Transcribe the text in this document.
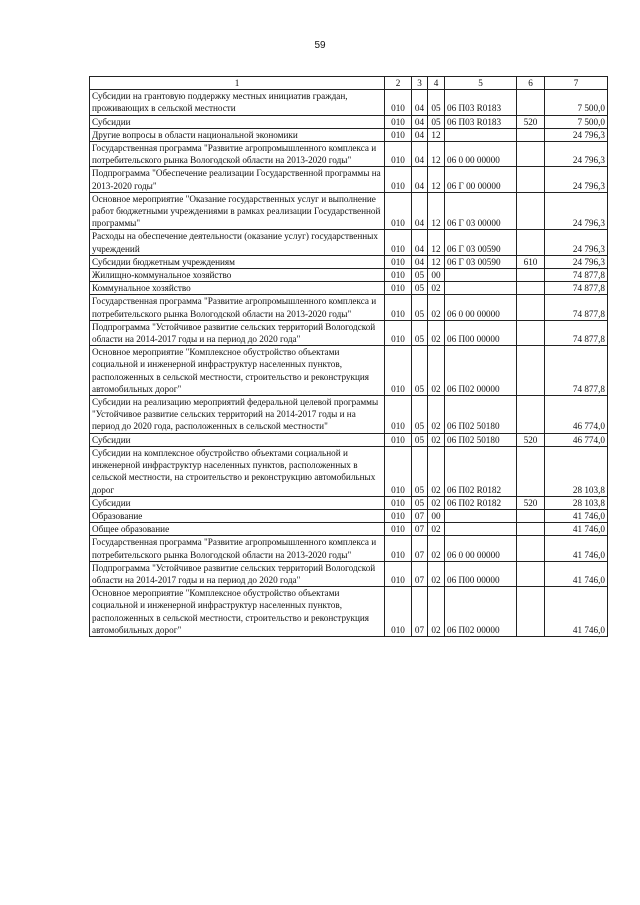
59
1	2	3	4	5	6	7
Субсидии на грантовую поддержку местных инициатив граждан, проживающих в сельской местности	010	04	05	06 П03 R0183		7 500,0
Субсидии	010	04	05	06 П03 R0183	520	7 500,0
Другие вопросы в области национальной экономики	010	04	12			24 796,3
Государственная программа "Развитие агропромышленного комплекса и потребительского рынка Вологодской области на 2013-2020 годы"	010	04	12	06 0 00 00000		24 796,3
Подпрограмма "Обеспечение реализации Государственной программы на 2013-2020 годы"	010	04	12	06 Г 00 00000		24 796,3
Основное мероприятие "Оказание государственных услуг и выполнение работ бюджетными учреждениями в рамках реализации Государственной программы"	010	04	12	06 Г 03 00000		24 796,3
Расходы на обеспечение деятельности (оказание услуг) государственных учреждений	010	04	12	06 Г 03 00590		24 796,3
Субсидии бюджетным учреждениям	010	04	12	06 Г 03 00590	610	24 796,3
Жилищно-коммунальное хозяйство	010	05	00			74 877,8
Коммунальное хозяйство	010	05	02			74 877,8
Государственная программа "Развитие агропромышленного комплекса и потребительского рынка Вологодской области на 2013-2020 годы"	010	05	02	06 0 00 00000		74 877,8
Подпрограмма "Устойчивое развитие сельских территорий Вологодской области на 2014-2017 годы и на период до 2020 года"	010	05	02	06 П00 00000		74 877,8
Основное мероприятие "Комплексное обустройство объектами социальной и инженерной инфраструктур населенных пунктов, расположенных в сельской местности, строительство и реконструкция автомобильных дорог"	010	05	02	06 П02 00000		74 877,8
Субсидии на реализацию мероприятий федеральной целевой программы "Устойчивое развитие сельских территорий на 2014-2017 годы и на период до 2020 года, расположенных в сельской местности"	010	05	02	06 П02 50180		46 774,0
Субсидии	010	05	02	06 П02 50180	520	46 774,0
Субсидии на комплексное обустройство объектами социальной и инженерной инфраструктур населенных пунктов, расположенных в сельской местности, на строительство и реконструкцию автомобильных дорог	010	05	02	06 П02 R0182		28 103,8
Субсидии	010	05	02	06 П02 R0182	520	28 103,8
Образование	010	07	00			41 746,0
Общее образование	010	07	02			41 746,0
Государственная программа "Развитие агропромышленного комплекса и потребительского рынка Вологодской области на 2013-2020 годы"	010	07	02	06 0 00 00000		41 746,0
Подпрограмма "Устойчивое развитие сельских территорий Вологодской области на 2014-2017 годы и на период до 2020 года"	010	07	02	06 П00 00000		41 746,0
Основное мероприятие "Комплексное обустройство объектами социальной и инженерной инфраструктур населенных пунктов, расположенных в сельской местности, строительство и реконструкция автомобильных дорог"	010	07	02	06 П02 00000		41 746,0
